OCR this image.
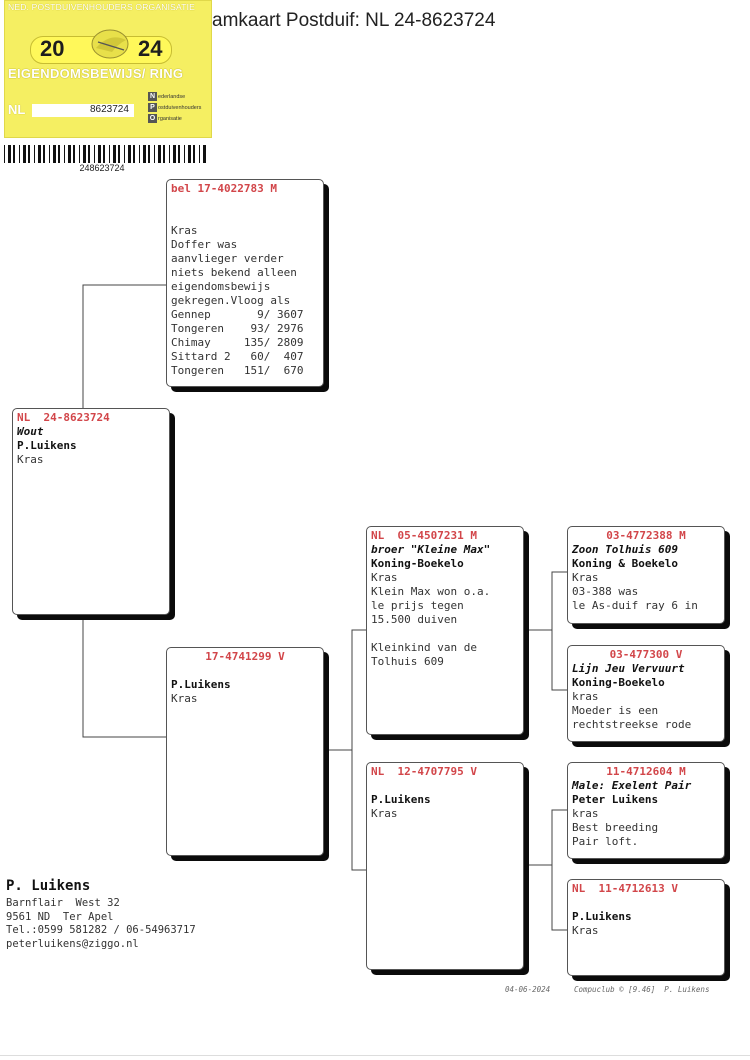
NED. POSTDUIVENHOUDERS ORGANISATIE
20	24
EIGENDOMSBEWIJS/ RING
NL	8623724
N ederlandse
P ostduivenhouders
O rganisatie
248623724
amkaart Postduif: NL 24-8623724
bel 17-4022783 M
Kras
Doffer was
aanvlieger verder
niets bekend alleen
eigendomsbewijs
gekregen.Vloog als
Gennep       9/ 3607
Tongeren    93/ 2976
Chimay     135/ 2809
Sittard 2   60/  407
Tongeren   151/  670
NL  24-8623724
Wout
P.Luikens
Kras
17-4741299 V
P.Luikens
Kras
NL  05-4507231 M
broer "Kleine Max"
Koning-Boekelo
Kras
Klein Max won o.a.
le prijs tegen
15.500 duiven
Kleinkind van de
Tolhuis 609
NL  12-4707795 V
P.Luikens
Kras
03-4772388 M
Zoon Tolhuis 609
Koning & Boekelo
Kras
03-388 was
le As-duif ray 6 in
03-477300 V
Lijn Jeu Vervuurt
Koning-Boekelo
kras
Moeder is een
rechtstreekse rode
11-4712604 M
Male: Exelent Pair
Peter Luikens
kras
Best breeding
Pair loft.
NL  11-4712613 V
P.Luikens
Kras
P. Luikens
Barnflair  West 32
9561 ND  Ter Apel
Tel.:0599 581282 / 06-54963717
peterluikens@ziggo.nl
04-06-2024	Compuclub © [9.46]  P. Luikens
